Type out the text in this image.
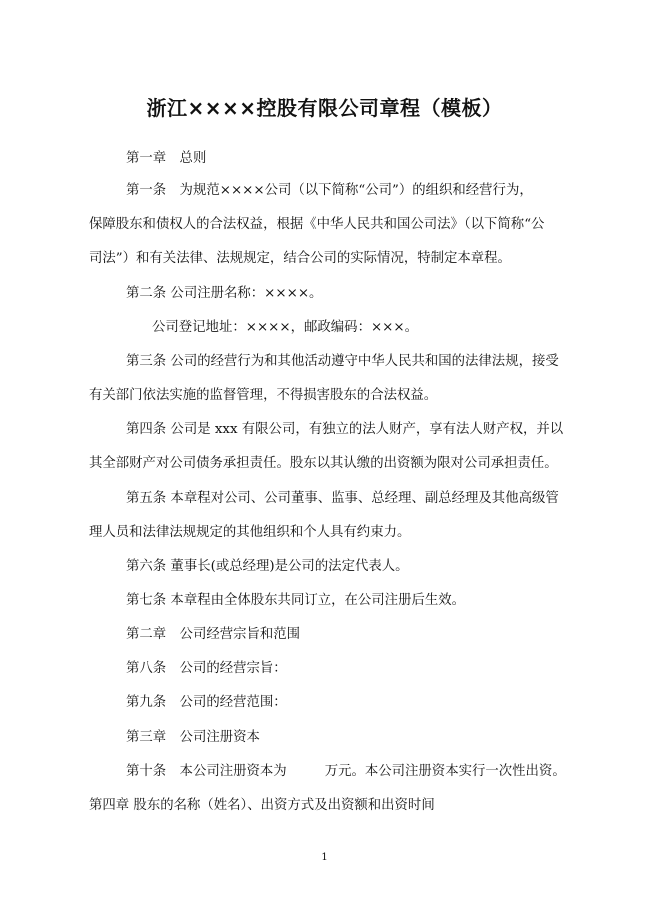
浙江××××控股有限公司章程（模板）
第一章　总则
第一条　为规范××××公司（以下简称“公司”）的组织和经营行为，
保障股东和债权人的合法权益，根据《中华人民共和国公司法》（以下简称“公
司法”）和有关法律、法规规定，结合公司的实际情况，特制定本章程。
第二条 公司注册名称：××××。
公司登记地址：××××，邮政编码：×××。
第三条 公司的经营行为和其他活动遵守中华人民共和国的法律法规，接受
有关部门依法实施的监督管理，不得损害股东的合法权益。
第四条 公司是 xxx 有限公司，有独立的法人财产，享有法人财产权，并以
其全部财产对公司债务承担责任。股东以其认缴的出资额为限对公司承担责任。
第五条 本章程对公司、公司董事、监事、总经理、副总经理及其他高级管
理人员和法律法规规定的其他组织和个人具有约束力。
第六条 董事长(或总经理)是公司的法定代表人。
第七条 本章程由全体股东共同订立，在公司注册后生效。
第二章　公司经营宗旨和范围
第八条　公司的经营宗旨：
第九条　公司的经营范围：
第三章　公司注册资本
第十条　本公司注册资本为	万元。本公司注册资本实行一次性出资。
第四章 股东的名称（姓名）、出资方式及出资额和出资时间
1
